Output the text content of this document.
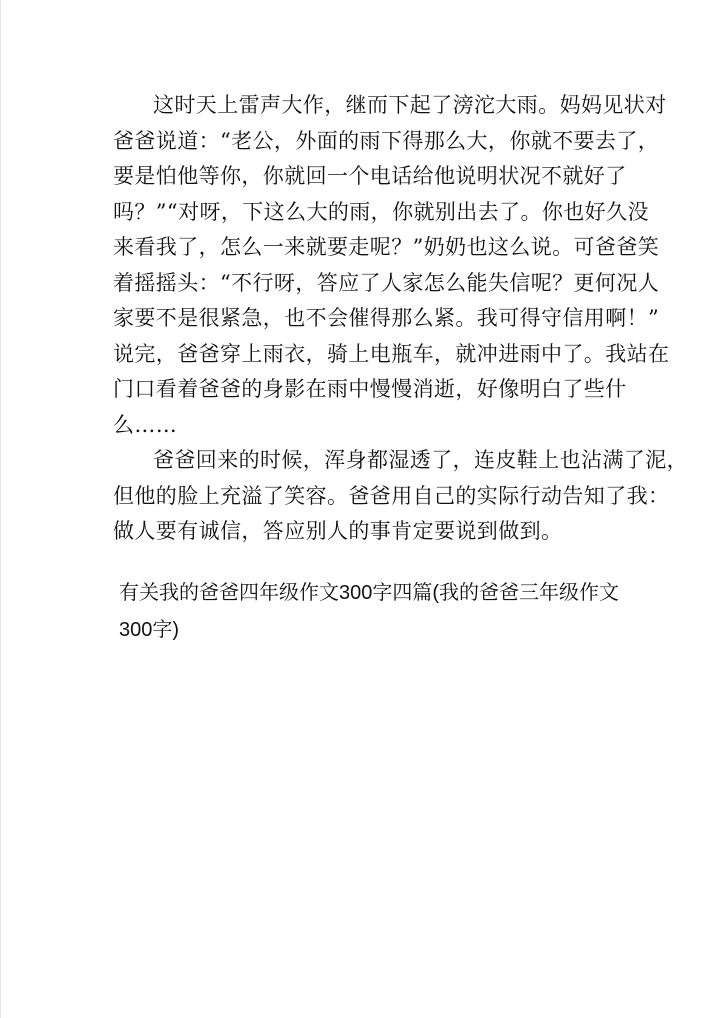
这时天上雷声大作，继而下起了滂沱大雨。妈妈见状对
爸爸说道：“老公，外面的雨下得那么大，你就不要去了，
要是怕他等你，你就回一个电话给他说明状况不就好了
吗？”“对呀，下这么大的雨，你就别出去了。你也好久没
来看我了，怎么一来就要走呢？”奶奶也这么说。可爸爸笑
着摇摇头：“不行呀，答应了人家怎么能失信呢？更何况人
家要不是很紧急，也不会催得那么紧。我可得守信用啊！”
说完，爸爸穿上雨衣，骑上电瓶车，就冲进雨中了。我站在
门口看着爸爸的身影在雨中慢慢消逝，好像明白了些什
么……
爸爸回来的时候，浑身都湿透了，连皮鞋上也沾满了泥，
但他的脸上充溢了笑容。爸爸用自己的实际行动告知了我：
做人要有诚信，答应别人的事肯定要说到做到。
有关我的爸爸四年级作文300字四篇(我的爸爸三年级作文
300字)
